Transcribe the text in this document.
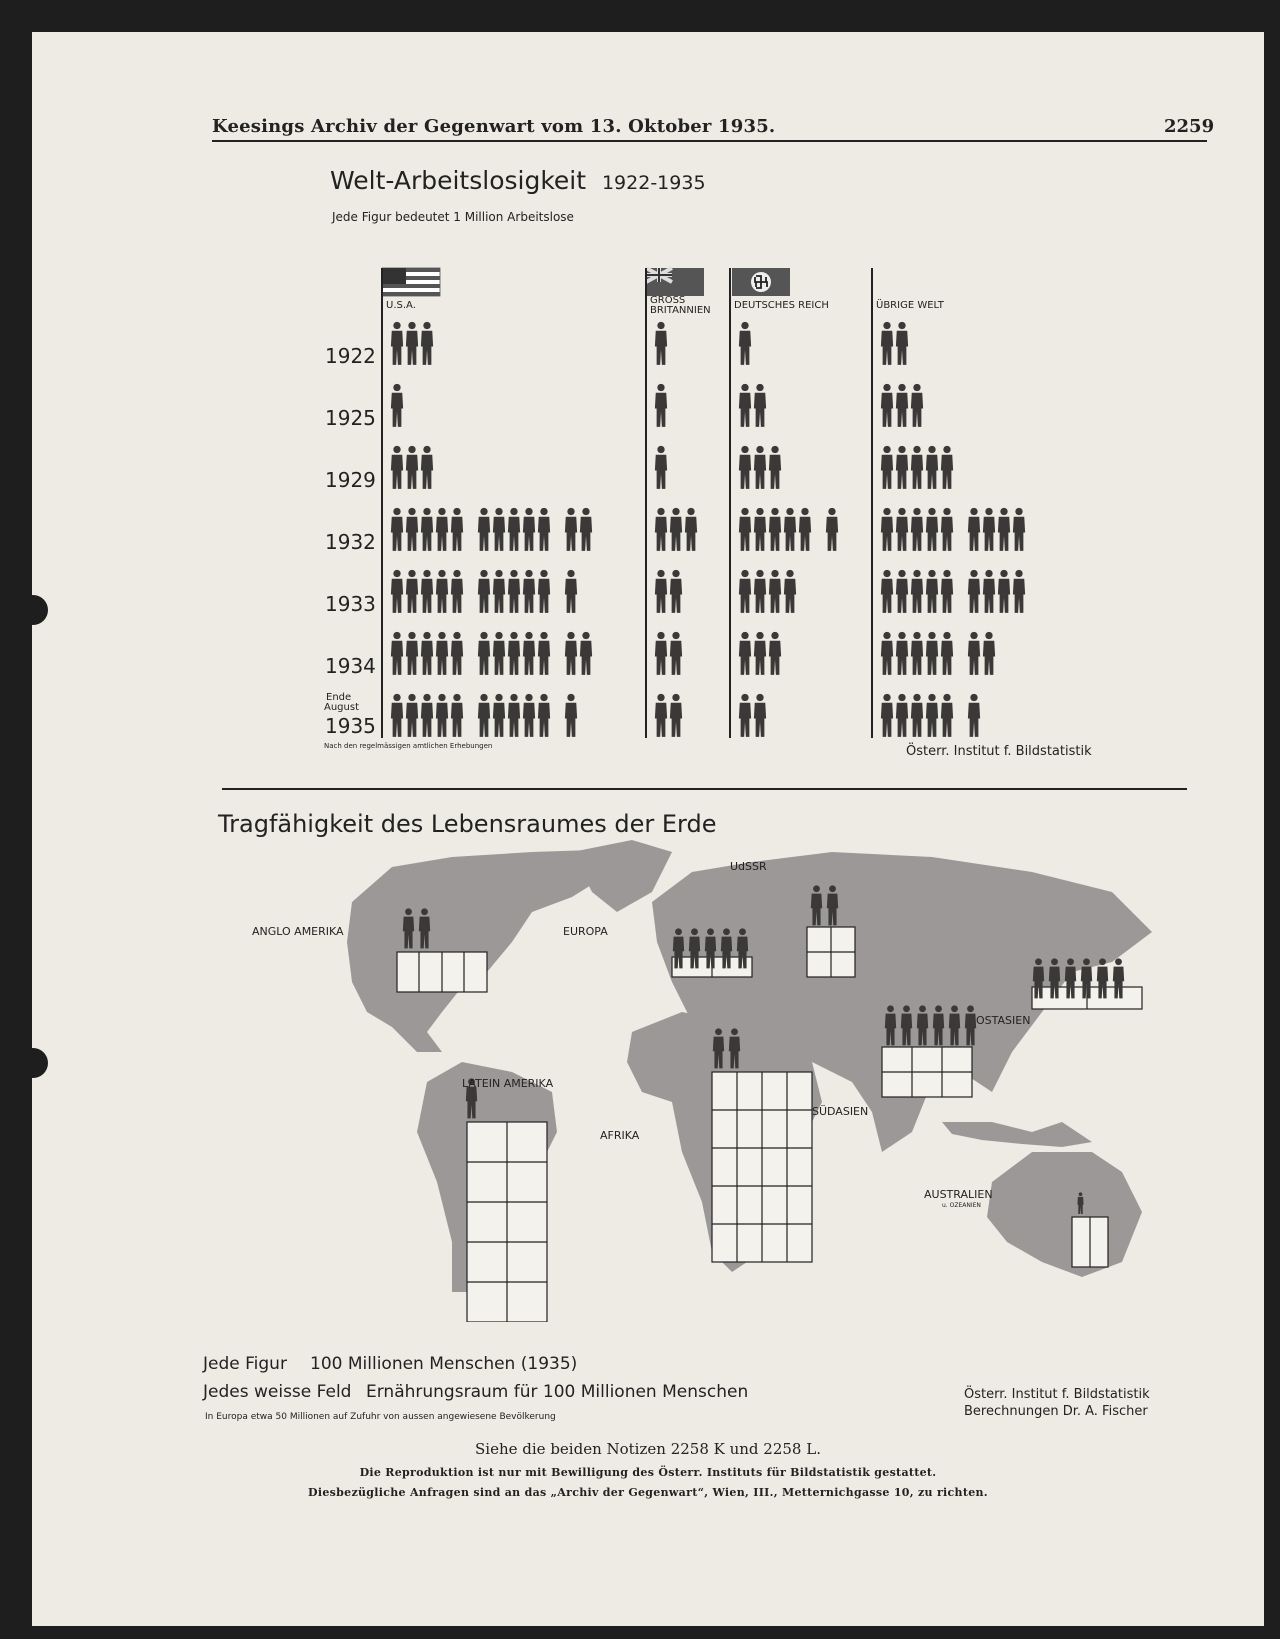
Keesings Archiv der Gegenwart vom 13. Oktober 1935.	2259
Welt-Arbeitslosigkeit 1922-1935
Jede Figur bedeutet 1 Million Arbeitslose
U.S.A.	GROSS BRITANNIEN	DEUTSCHES REICH	ÜBRIGE WELT
1922
1925
1929
1932
1933
1934
Ende
August
1935
Nach den regelmässigen amtlichen Erhebungen	Österr. Institut f. Bildstatistik
Tragfähigkeit des Lebensraumes der Erde
ANGLO AMERIKA
LATEIN AMERIKA
EUROPA
AFRIKA
UdSSR
SÜDASIEN
OSTASIEN
AUSTRALIEN
u. OZEANIEN
Jede Figur 100 Millionen Menschen (1935)
Jedes weisse Feld Ernährungsraum für 100 Millionen Menschen
In Europa etwa 50 Millionen auf Zufuhr von aussen angewiesene Bevölkerung
Österr. Institut f. Bildstatistik
Berechnungen Dr. A. Fischer
Siehe die beiden Notizen 2258 K und 2258 L.
Die Reproduktion ist nur mit Bewilligung des Österr. Instituts für Bildstatistik gestattet.
Diesbezügliche Anfragen sind an das „Archiv der Gegenwart“, Wien, III., Metternichgasse 10, zu richten.
